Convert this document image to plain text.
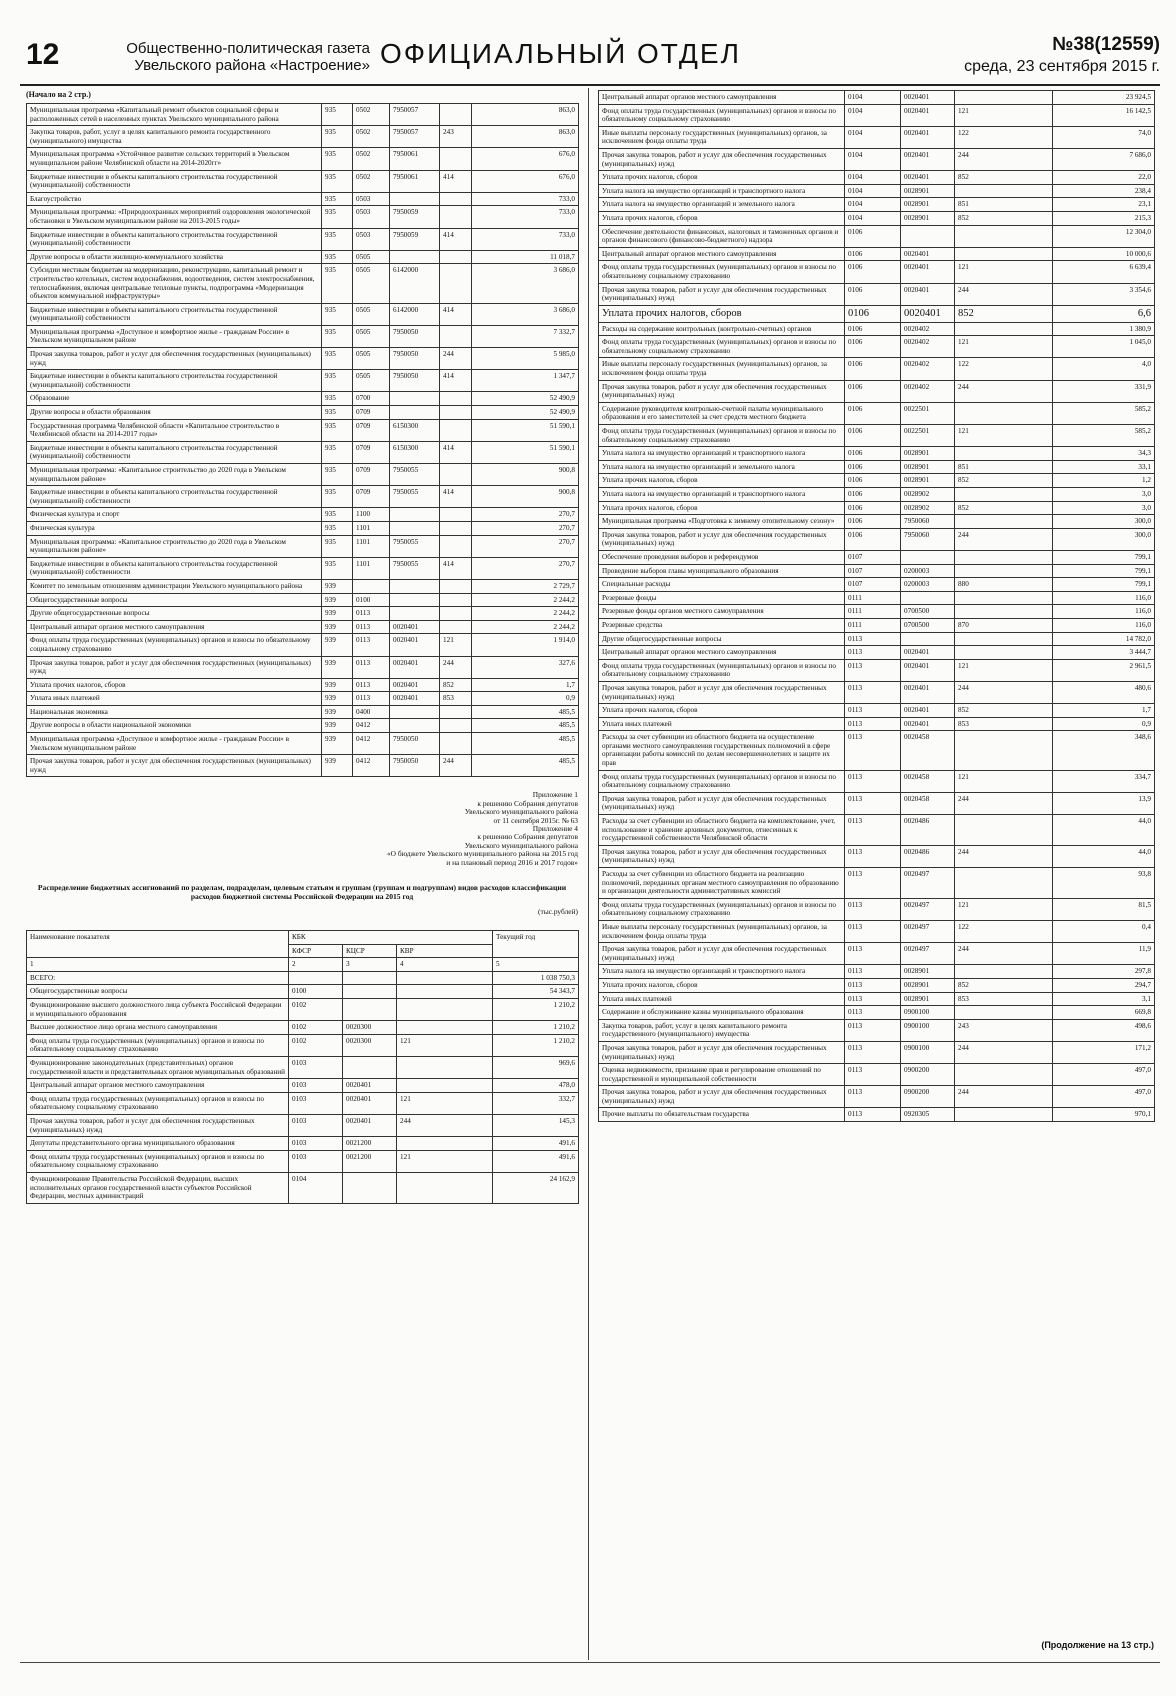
12	Общественно-политическая газета Увельского района «Настроение» ОФИЦИАЛЬНЫЙ ОТДЕЛ	№38(12559)
среда, 23 сентября 2015 г.
(Начало на 2 стр.)
Муниципальная программа «Капитальный ремонт объектов социальной сферы и расположенных сетей в населенных пунктах Увельского муниципального района	935	0502	7950057		863,0
Закупка товаров, работ, услуг в целях капитального ремонта государственного (муниципального) имущества	935	0502	7950057	243	863,0
Муниципальная программа «Устойчивое развитие сельских территорий в Увельском муниципальном районе Челябинской области на 2014-2020гг»	935	0502	7950061		676,0
Бюджетные инвестиции в объекты капитального строительства государственной (муниципальной) собственности	935	0502	7950061	414	676,0
Благоустройство	935	0503			733,0
Муниципальная программа: «Природоохранных мероприятий оздоровления экологической обстановки в Увельском муниципальном районе на 2013-2015 годы»	935	0503	7950059		733,0
Бюджетные инвестиции в объекты капитального строительства государственной (муниципальной) собственности	935	0503	7950059	414	733,0
Другие вопросы в области жилищно-коммунального хозяйства	935	0505			11 018,7
Субсидии местным бюджетам на модернизацию, реконструкцию, капитальный ремонт и строительство котельных, систем водоснабжения, водоотведения, систем электроснабжения, теплоснабжения, включая центральные тепловые пункты, подпрограмма «Модернизация объектов коммунальной инфраструктуры»	935	0505	6142000		3 686,0
Бюджетные инвестиции в объекты капитального строительства государственной (муниципальной) собственности	935	0505	6142000	414	3 686,0
Муниципальная программа «Доступное и комфортное жилье - гражданам России» в Увельском муниципальном районе	935	0505	7950050		7 332,7
Прочая закупка товаров, работ и услуг для обеспечения государственных (муниципальных) нужд	935	0505	7950050	244	5 985,0
Бюджетные инвестиции в объекты капитального строительства государственной (муниципальной) собственности	935	0505	7950050	414	1 347,7
Образование	935	0700			52 490,9
Другие вопросы в области образования	935	0709			52 490,9
Государственная программа Челябинской области «Капитальное строительство в Челябинской области на 2014-2017 годы»	935	0709	6150300		51 590,1
Бюджетные инвестиции в объекты капитального строительства государственной (муниципальной) собственности	935	0709	6150300	414	51 590,1
Муниципальная программа: «Капитальное строительство до 2020 года в Увельском муниципальном районе»	935	0709	7950055		900,8
Бюджетные инвестиции в объекты капитального строительства государственной (муниципальной) собственности	935	0709	7950055	414	900,8
Физическая культура и спорт	935	1100			270,7
Физическая культура	935	1101			270,7
Муниципальная программа: «Капитальное строительство до 2020 года в Увельском муниципальном районе»	935	1101	7950055		270,7
Бюджетные инвестиции в объекты капитального строительства государственной (муниципальной) собственности	935	1101	7950055	414	270,7
Комитет по земельным отношениям администрации Увельского муниципального района	939				2 729,7
Общегосударственные вопросы	939	0100			2 244,2
Другие общегосударственные вопросы	939	0113			2 244,2
Центральный аппарат органов местного самоуправления	939	0113	0020401		2 244,2
Фонд оплаты труда государственных (муниципальных) органов и взносы по обязательному социальному страхованию	939	0113	0020401	121	1 914,0
Прочая закупка товаров, работ и услуг для обеспечения государственных (муниципальных) нужд	939	0113	0020401	244	327,6
Уплата прочих налогов, сборов	939	0113	0020401	852	1,7
Уплата иных платежей	939	0113	0020401	853	0,9
Национальная экономика	939	0400			485,5
Другие вопросы в области национальной экономики	939	0412			485,5
Муниципальная программа «Доступное и комфортное жилье - гражданам России» в Увельском муниципальном районе	939	0412	7950050		485,5
Прочая закупка товаров, работ и услуг для обеспечения государственных (муниципальных) нужд	939	0412	7950050	244	485,5
Приложение 1
к решению Собрания депутатов
Увельского муниципального района
от 11 сентября 2015г. № 63
Приложение 4
к решению Собрания депутатов
Увельского муниципального района
«О бюджете Увельского муниципального района на 2015 год
и на плановый период 2016 и 2017 годов»
Распределение бюджетных ассигнований по разделам, подразделам, целевым статьям и группам (группам и подгруппам) видов расходов классификации расходов бюджетной системы Российской Федерации на 2015 год
(тыс.рублей)
Наименование показателя	КБК			Текущий год
	КФСР	КЦСР	КВР	
1	2	3	4	5
ВСЕГО:				1 038 750,3
Общегосударственные вопросы	0100			54 343,7
Функционирование высшего должностного лица субъекта Российской Федерации и муниципального образования	0102			1 210,2
Высшее должностное лицо органа местного самоуправления	0102	0020300		1 210,2
Фонд оплаты труда государственных (муниципальных) органов и взносы по обязательному социальному страхованию	0102	0020300	121	1 210,2
Функционирование законодательных (представительных) органов государственной власти и представительных органов муниципальных образований	0103			969,6
Центральный аппарат органов местного самоуправления	0103	0020401		478,0
Фонд оплаты труда государственных (муниципальных) органов и взносы по обязательному социальному страхованию	0103	0020401	121	332,7
Прочая закупка товаров, работ и услуг для обеспечения государственных (муниципальных) нужд	0103	0020401	244	145,3
Депутаты представительного органа муниципального образования	0103	0021200		491,6
Фонд оплаты труда государственных (муниципальных) органов и взносы по обязательному социальному страхованию	0103	0021200	121	491,6
Функционирование Правительства Российской Федерации, высших исполнительных органов государственной власти субъектов Российской Федерации, местных администраций	0104			24 162,9
Центральный аппарат органов местного самоуправления	0104	0020401		23 924,5
Фонд оплаты труда государственных (муниципальных) органов и взносы по обязательному социальному страхованию	0104	0020401	121	16 142,5
Иные выплаты персоналу государственных (муниципальных) органов, за исключением фонда оплаты труда	0104	0020401	122	74,0
Прочая закупка товаров, работ и услуг для обеспечения государственных (муниципальных) нужд	0104	0020401	244	7 686,0
Уплата прочих налогов, сборов	0104	0020401	852	22,0
Уплата налога на имущество организаций и транспортного налога	0104	0028901		238,4
Уплата налога на имущество организаций и земельного налога	0104	0028901	851	23,1
Уплата прочих налогов, сборов	0104	0028901	852	215,3
Обеспечение деятельности финансовых, налоговых и таможенных органов и органов финансового (финансово-бюджетного) надзора	0106			12 304,0
Центральный аппарат органов местного самоуправления	0106	0020401		10 000,6
Фонд оплаты труда государственных (муниципальных) органов и взносы по обязательному социальному страхованию	0106	0020401	121	6 639,4
Прочая закупка товаров, работ и услуг для обеспечения государственных (муниципальных) нужд	0106	0020401	244	3 354,6
Уплата прочих налогов, сборов	0106	0020401	852	6,6
Расходы на содержание контрольных (контрольно-счетных) органов	0106	0020402		1 380,9
Фонд оплаты труда государственных (муниципальных) органов и взносы по обязательному социальному страхованию	0106	0020402	121	1 045,0
Иные выплаты персоналу государственных (муниципальных) органов, за исключением фонда оплаты труда	0106	0020402	122	4,0
Прочая закупка товаров, работ и услуг для обеспечения государственных (муниципальных) нужд	0106	0020402	244	331,9
Содержание руководителя контрольно-счетной палаты муниципального образования и его заместителей за счет средств местного бюджета	0106	0022501		585,2
Фонд оплаты труда государственных (муниципальных) органов и взносы по обязательному социальному страхованию	0106	0022501	121	585,2
Уплата налога на имущество организаций и транспортного налога	0106	0028901		34,3
Уплата налога на имущество организаций и земельного налога	0106	0028901	851	33,1
Уплата прочих налогов, сборов	0106	0028901	852	1,2
Уплата налога на имущество организаций и транспортного налога	0106	0028902		3,0
Уплата прочих налогов, сборов	0106	0028902	852	3,0
Муниципальная программа «Подготовка к зимнему отопительному сезону»	0106	7950060		300,0
Прочая закупка товаров, работ и услуг для обеспечения государственных (муниципальных) нужд	0106	7950060	244	300,0
Обеспечение проведения выборов и референдумов	0107			799,1
Проведение выборов главы муниципального образования	0107	0200003		799,1
Специальные расходы	0107	0200003	880	799,1
Резервные фонды	0111			116,0
Резервные фонды органов местного самоуправления	0111	0700500		116,0
Резервные средства	0111	0700500	870	116,0
Другие общегосударственные вопросы	0113			14 782,0
Центральный аппарат органов местного самоуправления	0113	0020401		3 444,7
Фонд оплаты труда государственных (муниципальных) органов и взносы по обязательному социальному страхованию	0113	0020401	121	2 961,5
Прочая закупка товаров, работ и услуг для обеспечения государственных (муниципальных) нужд	0113	0020401	244	480,6
Уплата прочих налогов, сборов	0113	0020401	852	1,7
Уплата иных платежей	0113	0020401	853	0,9
Расходы за счет субвенции из областного бюджета на осуществление органами местного самоуправления государственных полномочий в сфере организации работы комиссий по делам несовершеннолетних и защите их прав	0113	0020458		348,6
Фонд оплаты труда государственных (муниципальных) органов и взносы по обязательному социальному страхованию	0113	0020458	121	334,7
Прочая закупка товаров, работ и услуг для обеспечения государственных (муниципальных) нужд	0113	0020458	244	13,9
Расходы за счет субвенции из областного бюджета на комплектование, учет, использование и хранение архивных документов, отнесенных к государственной собственности Челябинской области	0113	0020486		44,0
Прочая закупка товаров, работ и услуг для обеспечения государственных (муниципальных) нужд	0113	0020486	244	44,0
Расходы за счет субвенции из областного бюджета на реализацию полномочий, переданных органам местного самоуправления по образованию и организации деятельности административных комиссий	0113	0020497		93,8
Фонд оплаты труда государственных (муниципальных) органов и взносы по обязательному социальному страхованию	0113	0020497	121	81,5
Иные выплаты персоналу государственных (муниципальных) органов, за исключением фонда оплаты труда	0113	0020497	122	0,4
Прочая закупка товаров, работ и услуг для обеспечения государственных (муниципальных) нужд	0113	0020497	244	11,9
Уплата налога на имущество организаций и транспортного налога	0113	0028901		297,8
Уплата прочих налогов, сборов	0113	0028901	852	294,7
Уплата иных платежей	0113	0028901	853	3,1
Содержание и обслуживание казны муниципального образования	0113	0900100		669,8
Закупка товаров, работ, услуг в целях капитального ремонта государственного (муниципального) имущества	0113	0900100	243	498,6
Прочая закупка товаров, работ и услуг для обеспечения государственных (муниципальных) нужд	0113	0900100	244	171,2
Оценка недвижимости, признание прав и регулирование отношений по государственной и муниципальной собственности	0113	0900200		497,0
Прочая закупка товаров, работ и услуг для обеспечения государственных (муниципальных) нужд	0113	0900200	244	497,0
Прочие выплаты по обязательствам государства	0113	0920305		970,1
(Продолжение на 13 стр.)
